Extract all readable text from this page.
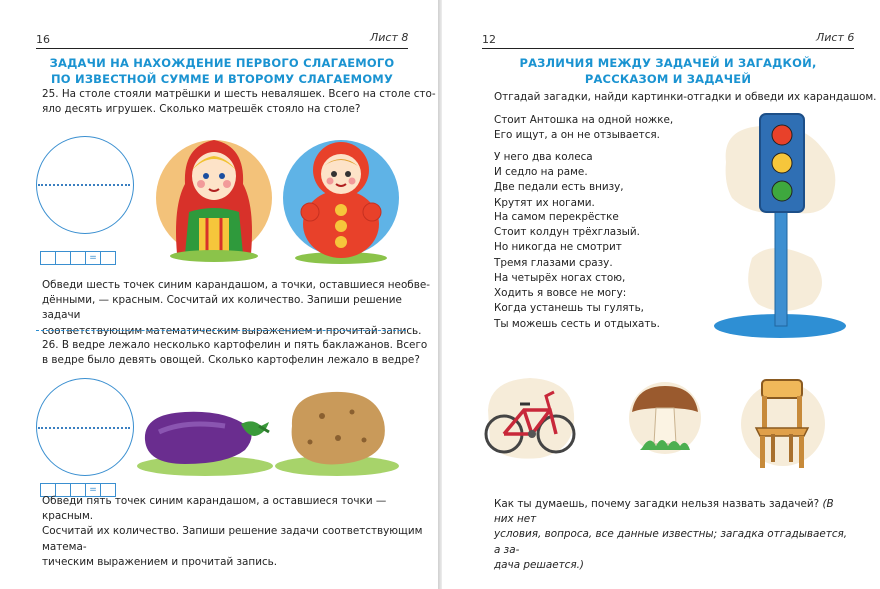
16	Лист 8
ЗАДАЧИ НА НАХОЖДЕНИЕ ПЕРВОГО СЛАГАЕМОГО
ПО ИЗВЕСТНОЙ СУММЕ И ВТОРОМУ СЛАГАЕМОМУ
25. На столе стояли матрёшки и шесть неваляшек. Всего на столе сто-
яло десять игрушек. Сколько матрешёк стояло на столе?
=
Обведи шесть точек синим карандашом, а точки, оставшиеся необве-
дёнными, — красным. Сосчитай их количество. Запиши решение задачи
соответствующим математическим выражением и прочитай запись.
26. В ведре лежало несколько картофелин и пять баклажанов. Всего
в ведре было девять овощей. Сколько картофелин лежало в ведре?
=
Обведи пять точек синим карандашом, а оставшиеся точки — красным.
Сосчитай их количество. Запиши решение задачи соответствующим матема-
тическим выражением и прочитай запись.
12	Лист 6
РАЗЛИЧИЯ МЕЖДУ ЗАДАЧЕЙ И ЗАГАДКОЙ,
РАССКАЗОМ И ЗАДАЧЕЙ
Отгадай загадки, найди картинки-отгадки и обведи их карандашом.
Стоит Антошка на одной ножке,
Его ищут, а он не отзывается.
У него два колеса
И седло на раме.
Две педали есть внизу,
Крутят их ногами.
На самом перекрёстке
Стоит колдун трёхглазый.
Но никогда не смотрит
Тремя глазами сразу.
На четырёх ногах стою,
Ходить я вовсе не могу:
Когда устанешь ты гулять,
Ты можешь сесть и отдыхать.
Как ты думаешь, почему загадки нельзя назвать задачей? (В них нет
условия, вопроса, все данные известны; загадка отгадывается, а за-
дача решается.)
